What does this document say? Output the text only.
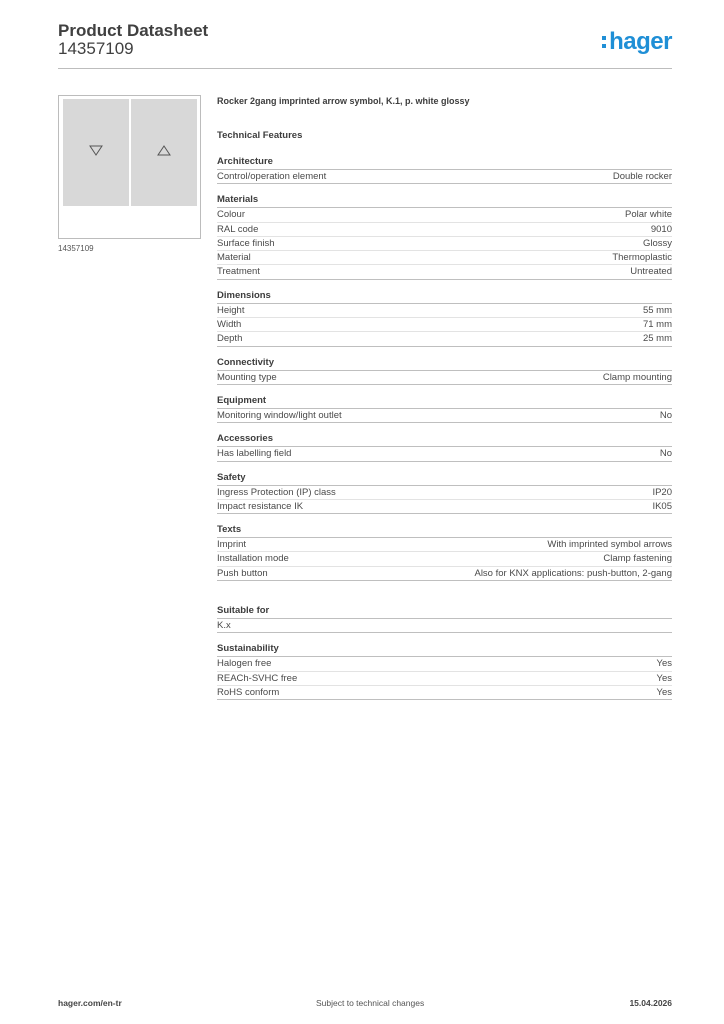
Product Datasheet
14357109	hager
14357109
Rocker 2gang imprinted arrow symbol, K.1, p. white glossy
Technical Features
Architecture
Control/operation element	Double rocker
Materials
Colour	Polar white
RAL code	9010
Surface finish	Glossy
Material	Thermoplastic
Treatment	Untreated
Dimensions
Height	55 mm
Width	71 mm
Depth	25 mm
Connectivity
Mounting type	Clamp mounting
Equipment
Monitoring window/light outlet	No
Accessories
Has labelling field	No
Safety
Ingress Protection (IP) class	IP20
Impact resistance IK	IK05
Texts
Imprint	With imprinted symbol arrows
Installation mode	Clamp fastening
Push button	Also for KNX applications: push-button, 2-gang
Suitable for
K.x
Sustainability
Halogen free	Yes
REACh-SVHC free	Yes
RoHS conform	Yes
hager.com/en-tr	Subject to technical changes	15.04.2026
